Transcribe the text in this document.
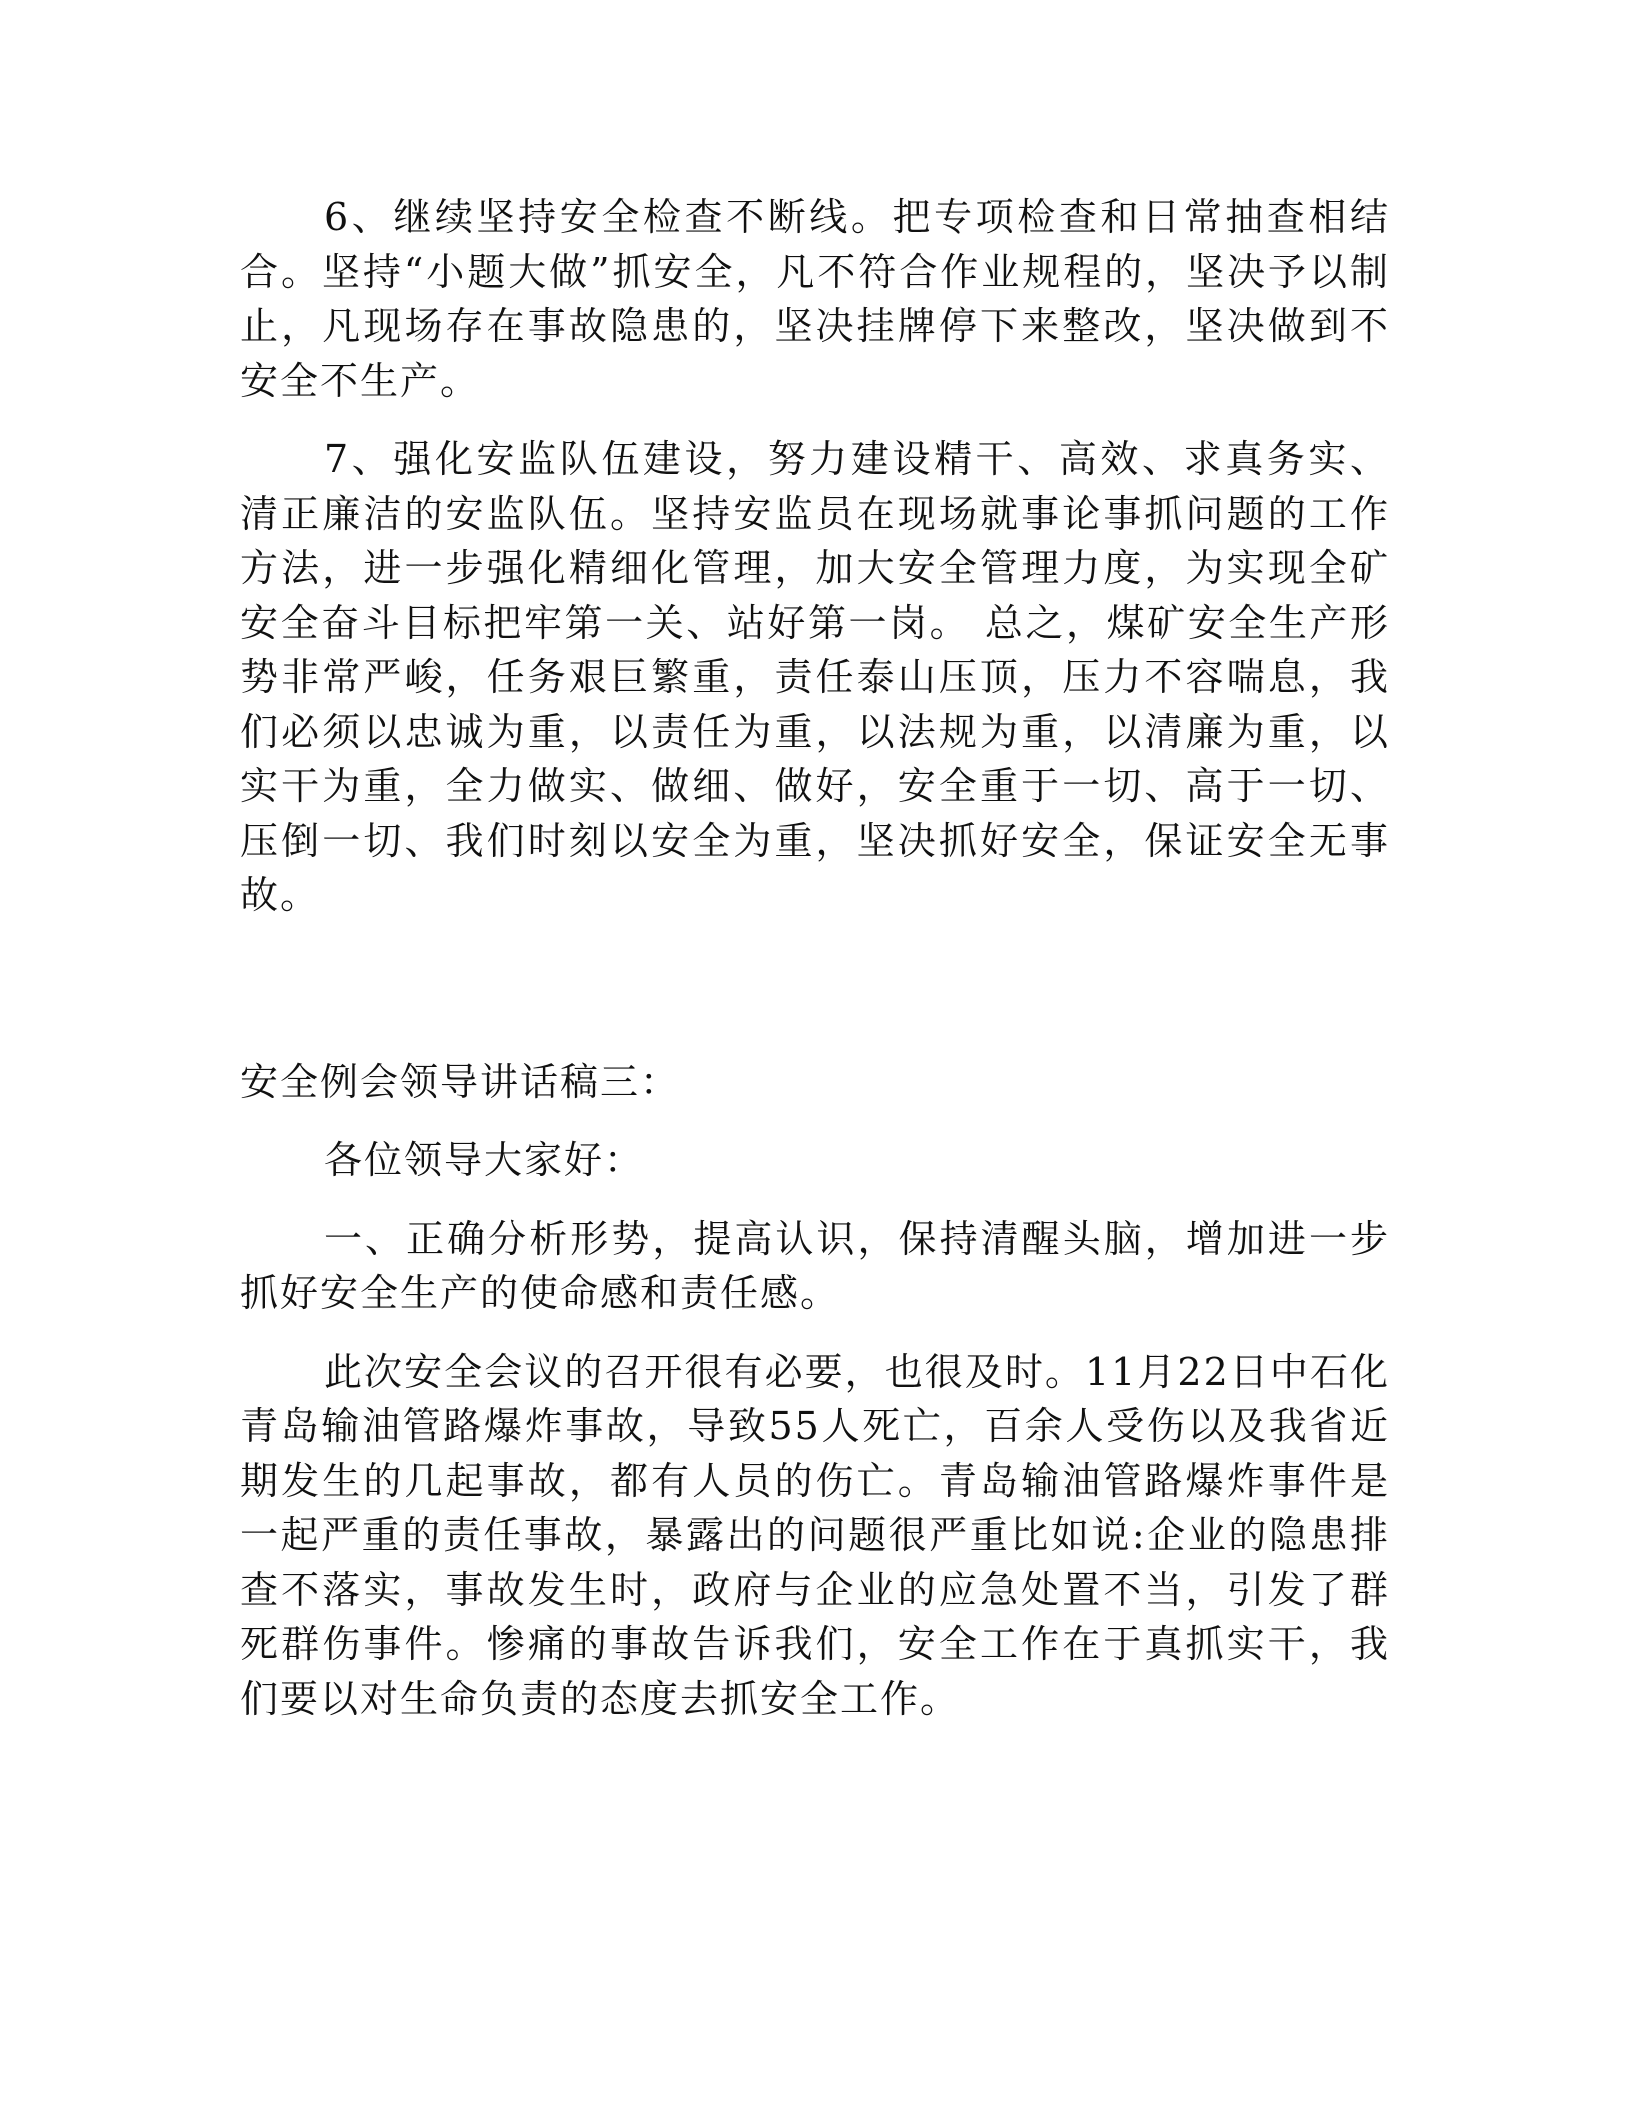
6、继续坚持安全检查不断线。把专项检查和日常抽查相结合。坚持“小题大做”抓安全，凡不符合作业规程的，坚决予以制止，凡现场存在事故隐患的，坚决挂牌停下来整改，坚决做到不安全不生产。

7、强化安监队伍建设，努力建设精干、高效、求真务实、清正廉洁的安监队伍。坚持安监员在现场就事论事抓问题的工作方法，进一步强化精细化管理，加大安全管理力度，为实现全矿安全奋斗目标把牢第一关、站好第一岗。 总之，煤矿安全生产形势非常严峻，任务艰巨繁重，责任泰山压顶，压力不容喘息，我们必须以忠诚为重，以责任为重，以法规为重，以清廉为重，以实干为重，全力做实、做细、做好，安全重于一切、高于一切、压倒一切、我们时刻以安全为重，坚决抓好安全，保证安全无事故。

安全例会领导讲话稿三：

各位领导大家好：

一、正确分析形势，提高认识，保持清醒头脑，增加进一步抓好安全生产的使命感和责任感。

此次安全会议的召开很有必要，也很及时。11月22日中石化青岛输油管路爆炸事故，导致55人死亡，百余人受伤以及我省近期发生的几起事故，都有人员的伤亡。青岛输油管路爆炸事件是一起严重的责任事故，暴露出的问题很严重比如说:企业的隐患排查不落实，事故发生时，政府与企业的应急处置不当，引发了群死群伤事件。惨痛的事故告诉我们，安全工作在于真抓实干，我们要以对生命负责的态度去抓安全工作。
